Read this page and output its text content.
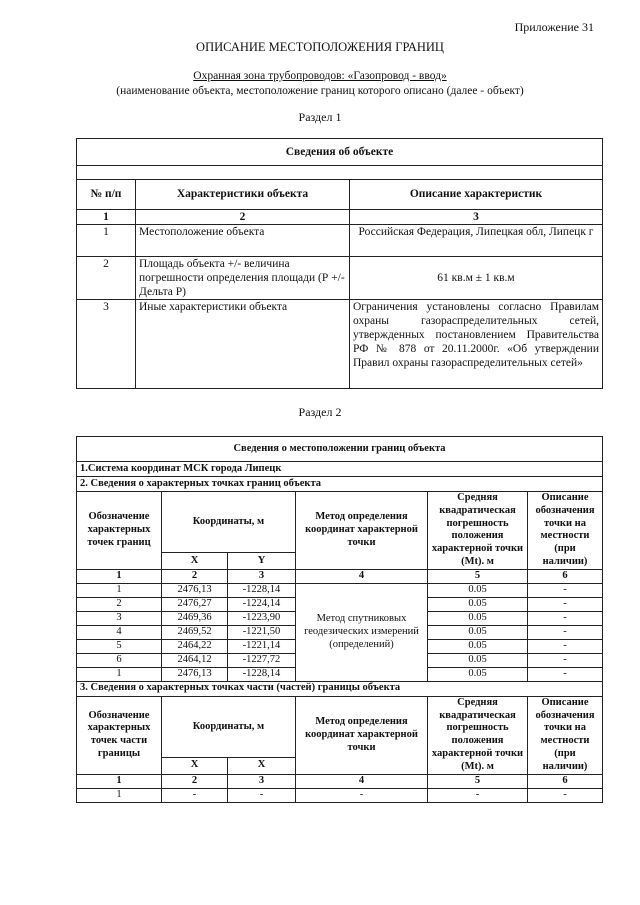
Приложение 31
ОПИСАНИЕ МЕСТОПОЛОЖЕНИЯ ГРАНИЦ
Охранная зона трубопроводов: «Газопровод - ввод»
(наименование объекта, местоположение границ которого описано (далее - объект)
Раздел 1
Сведения об объекте		

№ п/п	Характеристики объекта	Описание характеристик
1	2	3
1	Местоположение объекта	Российская Федерация, Липецкая обл, Липецк г
2	Площадь объекта +/- величина погрешности определения площади (Р +/- Дельта Р)	61 кв.м ± 1 кв.м
3	Иные характеристики объекта	Ограничения установлены согласно Правилам охраны газораспределительных сетей, утвержденных постановлением Правительства РФ № 878 от 20.11.2000г. «Об утверждении Правил охраны газораспределительных сетей»
Раздел 2
Сведения о местоположении границ объекта					
1.Система координат МСК города Липецк					
2. Сведения о характерных точках границ объекта					
Обозначение характерных точек границ	Координаты, м		Метод определения координат характерной точки	Средняя квадратическая погрешность положения характерной точки (Mt). м	Описание обозначения точки на местности (при наличии)
	X	Y			
1	2	3	4	5	6
1	2476,13	-1228,14	Метод спутниковых геодезических измерений (определений)	0.05	-
2	2476,27	-1224,14		0.05	-
3	2469,36	-1223,90		0.05	-
4	2469,52	-1221,50		0.05	-
5	2464,22	-1221,14		0.05	-
6	2464,12	-1227,72		0.05	-
1	2476,13	-1228,14		0.05	-
3. Сведения о характерных точках части (частей) границы объекта					
Обозначение характерных точек части границы	Координаты, м		Метод определения координат характерной точки	Средняя квадратическая погрешность положения характерной точки (Mt). м	Описание обозначения точки на местности (при наличии)
	X	X			
1	2	3	4	5	6
1	-	-	-	-	-
